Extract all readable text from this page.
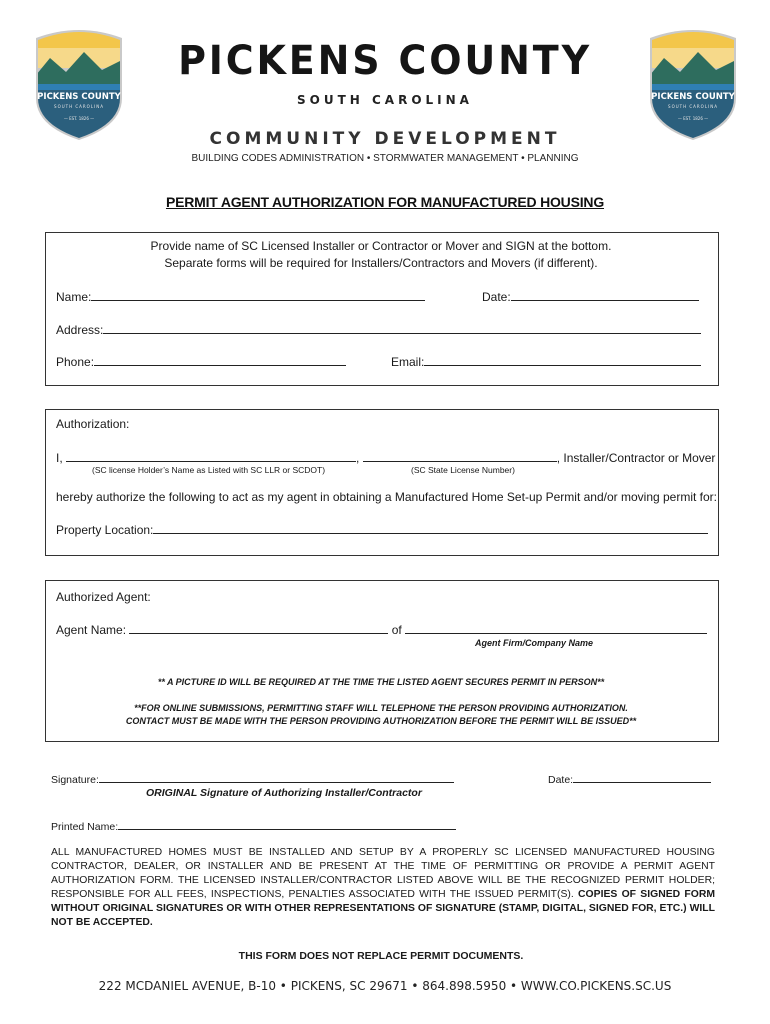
PICKENS COUNTY
SOUTH CAROLINA
— EST. 1826 —
PICKENS COUNTY
SOUTH CAROLINA
— EST. 1826 —
PICKENS COUNTY
SOUTH CAROLINA
COMMUNITY DEVELOPMENT
BUILDING CODES ADMINISTRATION • STORMWATER MANAGEMENT • PLANNING
PERMIT AGENT AUTHORIZATION FOR MANUFACTURED HOUSING
Provide name of SC Licensed Installer or Contractor or Mover and SIGN at the bottom.
Separate forms will be required for Installers/Contractors and Movers (if different).
Name:	Date:
Address:
Phone:	Email:
Authorization:
I,	,	, Installer/Contractor or Mover
(SC license Holder’s Name as Listed with SC LLR or SCDOT)	(SC State License Number)
hereby authorize the following to act as my agent in obtaining a Manufactured Home Set-up Permit and/or moving permit for:
Property Location:
Authorized Agent:
Agent Name:	of
Agent Firm/Company Name
** A PICTURE ID WILL BE REQUIRED AT THE TIME THE LISTED AGENT SECURES PERMIT IN PERSON**
**FOR ONLINE SUBMISSIONS, PERMITTING STAFF WILL TELEPHONE THE PERSON PROVIDING AUTHORIZATION.
CONTACT MUST BE MADE WITH THE PERSON PROVIDING AUTHORIZATION BEFORE THE PERMIT WILL BE ISSUED**
Signature:	Date:
ORIGINAL Signature of Authorizing Installer/Contractor
Printed Name:
ALL MANUFACTURED HOMES MUST BE INSTALLED AND SETUP BY A PROPERLY SC LICENSED MANUFACTURED HOUSING CONTRACTOR, DEALER, OR INSTALLER AND BE PRESENT AT THE TIME OF PERMITTING OR PROVIDE A PERMIT AGENT AUTHORIZATION FORM. THE LICENSED INSTALLER/CONTRACTOR LISTED ABOVE WILL BE THE RECOGNIZED PERMIT HOLDER; RESPONSIBLE FOR ALL FEES, INSPECTIONS, PENALTIES ASSOCIATED WITH THE ISSUED PERMIT(S). COPIES OF SIGNED FORM WITHOUT ORIGINAL SIGNATURES OR WITH OTHER REPRESENTATIONS OF SIGNATURE (STAMP, DIGITAL, SIGNED FOR, ETC.) WILL NOT BE ACCEPTED.
THIS FORM DOES NOT REPLACE PERMIT DOCUMENTS.
222 MCDANIEL AVENUE, B-10 • PICKENS, SC 29671 • 864.898.5950 • WWW.CO.PICKENS.SC.US
